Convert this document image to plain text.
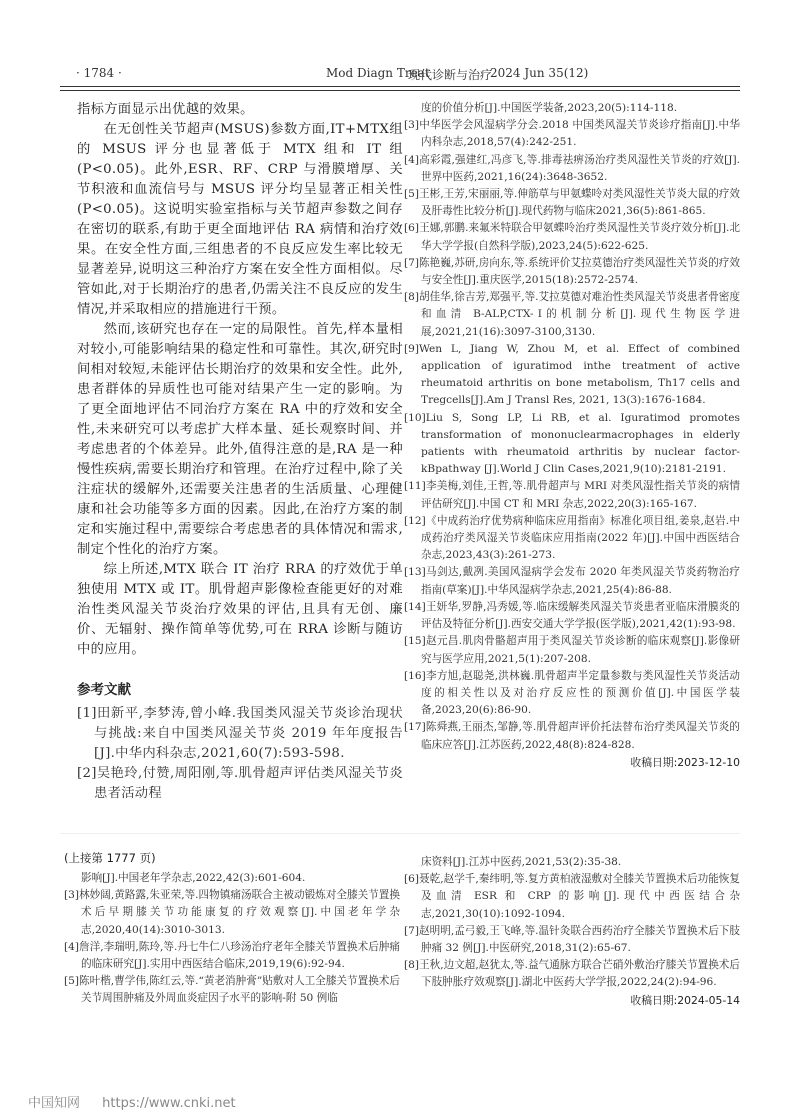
· 1784 ·	Mod Diagn Treat
现代诊断与治疗
2024 Jun 35(12)

指标方面显示出优越的效果。

在无创性关节超声(MSUS)参数方面,IT+MTX组的 MSUS 评分也显著低于 MTX 组和 IT 组(P<0.05)。此外,ESR、RF、CRP 与滑膜增厚、关节积液和血流信号与 MSUS 评分均呈显著正相关性(P<0.05)。这说明实验室指标与关节超声参数之间存在密切的联系,有助于更全面地评估 RA 病情和治疗效果。在安全性方面,三组患者的不良反应发生率比较无显著差异,说明这三种治疗方案在安全性方面相似。尽管如此,对于长期治疗的患者,仍需关注不良反应的发生情况,并采取相应的措施进行干预。

然而,该研究也存在一定的局限性。首先,样本量相对较小,可能影响结果的稳定性和可靠性。其次,研究时间相对较短,未能评估长期治疗的效果和安全性。此外,患者群体的异质性也可能对结果产生一定的影响。为了更全面地评估不同治疗方案在 RA 中的疗效和安全性,未来研究可以考虑扩大样本量、延长观察时间、并考虑患者的个体差异。此外,值得注意的是,RA 是一种慢性疾病,需要长期治疗和管理。在治疗过程中,除了关注症状的缓解外,还需要关注患者的生活质量、心理健康和社会功能等多方面的因素。因此,在治疗方案的制定和实施过程中,需要综合考虑患者的具体情况和需求,制定个性化的治疗方案。

综上所述,MTX 联合 IT 治疗 RRA 的疗效优于单独使用 MTX 或 IT。肌骨超声影像检查能更好的对难治性类风湿关节炎治疗效果的评估,且具有无创、廉价、无辐射、操作简单等优势,可在 RRA 诊断与随访中的应用。

参考文献

[1]田新平,李梦涛,曾小峰.我国类风湿关节炎诊治现状与挑战:来自中国类风湿关节炎 2019 年年度报告[J].中华内科杂志,2021,60(7):593-598.

[2]吴艳玲,付赞,周阳刚,等.肌骨超声评估类风湿关节炎患者活动程

度的价值分析[J].中国医学装备,2023,20(5):114-118.

[3]中华医学会风湿病学分会.2018 中国类风湿关节炎诊疗指南[J].中华内科杂志,2018,57(4):242-251.

[4]高彩霞,强建红,冯彦飞,等.排毒祛痹汤治疗类风湿性关节炎的疗效[J].世界中医药,2021,16(24):3648-3652.

[5]王彬,王芳,宋丽丽,等.伸筋草与甲氨蝶呤对类风湿性关节炎大鼠的疗效及肝毒性比较分析[J].现代药物与临床2021,36(5):861-865.

[6]王娜,郭鹏.来氟米特联合甲氨蝶呤治疗类风湿性关节炎疗效分析[J].北华大学学报(自然科学版),2023,24(5):622-625.

[7]陈艳巍,苏研,房向东,等.系统评价艾拉莫德治疗类风湿性关节炎的疗效与安全性[J].重庆医学,2015(18):2572-2574.

[8]胡佳华,徐吉芳,郑强平,等.艾拉莫德对难治性类风湿关节炎患者骨密度和血清 B-ALP,CTX-Ⅰ的机制分析[J].现代生物医学进展,2021,21(16):3097-3100,3130.

[9]Wen L, Jiang W, Zhou M, et al. Effect of combined application of iguratimod inthe treatment of active rheumatoid arthritis on bone metabolism, Th17 cells and Tregcells[J].Am J Transl Res, 2021, 13(3):1676-1684.

[10]Liu S, Song LP, Li RB, et al. Iguratimod promotes transformation of mononuclearmacrophages in elderly patients with rheumatoid arthritis by nuclear factor-kBpathway [J].World J Clin Cases,2021,9(10):2181-2191.

[11]李美梅,刘佳,王哲,等.肌骨超声与 MRI 对类风湿性指关节炎的病情评估研究[J].中国 CT 和 MRI 杂志,2022,20(3):165-167.

[12]《中成药治疗优势病种临床应用指南》标准化项目组,姜泉,赵岩.中成药治疗类风湿关节炎临床应用指南(2022 年)[J].中国中西医结合杂志,2023,43(3):261-273.

[13]马剑达,戴冽.美国风湿病学会发布 2020 年类风湿关节炎药物治疗指南(草案)[J].中华风湿病学杂志,2021,25(4):86-88.

[14]王妍华,罗静,冯秀媛,等.临床缓解类风湿关节炎患者亚临床滑膜炎的评估及特征分析[J].西安交通大学学报(医学版),2021,42(1):93-98.

[15]赵元昌.肌肉骨骼超声用于类风湿关节炎诊断的临床观察[J].影像研究与医学应用,2021,5(1):207-208.

[16]李方旭,赵聪尧,洪林巍.肌骨超声半定量参数与类风湿性关节炎活动度的相关性以及对治疗反应性的预测价值[J].中国医学装备,2023,20(6):86-90.

[17]陈舜燕,王丽杰,邹静,等.肌骨超声评价托法替布治疗类风湿关节炎的临床应答[J].江苏医药,2022,48(8):824-828.

收稿日期:2023-12-10
(上接第 1777 页)

影响[J].中国老年学杂志,2022,42(3):601-604.

[3]林妙阔,黄路露,朱亚荣,等.四物镇痛汤联合主被动锻炼对全膝关节置换术后早期膝关节功能康复的疗效观察[J].中国老年学杂志,2020,40(14):3010-3013.

[4]詹洋,李瑞明,陈玲,等.丹七牛仁八珍汤治疗老年全膝关节置换术后肿痛的临床研究[J].实用中西医结合临床,2019,19(6):92-94.

[5]陈叶楷,曹学伟,陈红云,等.“黄老消肿膏”贴敷对人工全膝关节置换术后关节周围肿痛及外周血炎症因子水平的影响-附 50 例临

床资料[J].江苏中医药,2021,53(2):35-38.

[6]聂乾,赵学千,秦纬明,等.复方黄柏液湿敷对全膝关节置换术后功能恢复及血清 ESR 和 CRP 的影响[J].现代中西医结合杂志,2021,30(10):1092-1094.

[7]赵明明,孟弓毅,王飞峰,等.温针灸联合西药治疗全膝关节置换术后下肢肿痛 32 例[J].中医研究,2018,31(2):65-67.

[8]王秋,边文超,赵犹太,等.益气通脉方联合芒硝外敷治疗膝关节置换术后下肢肿胀疗效观察[J].湖北中医药大学学报,2022,24(2):94-96.

收稿日期:2024-05-14
中国知网 https://www.cnki.net
